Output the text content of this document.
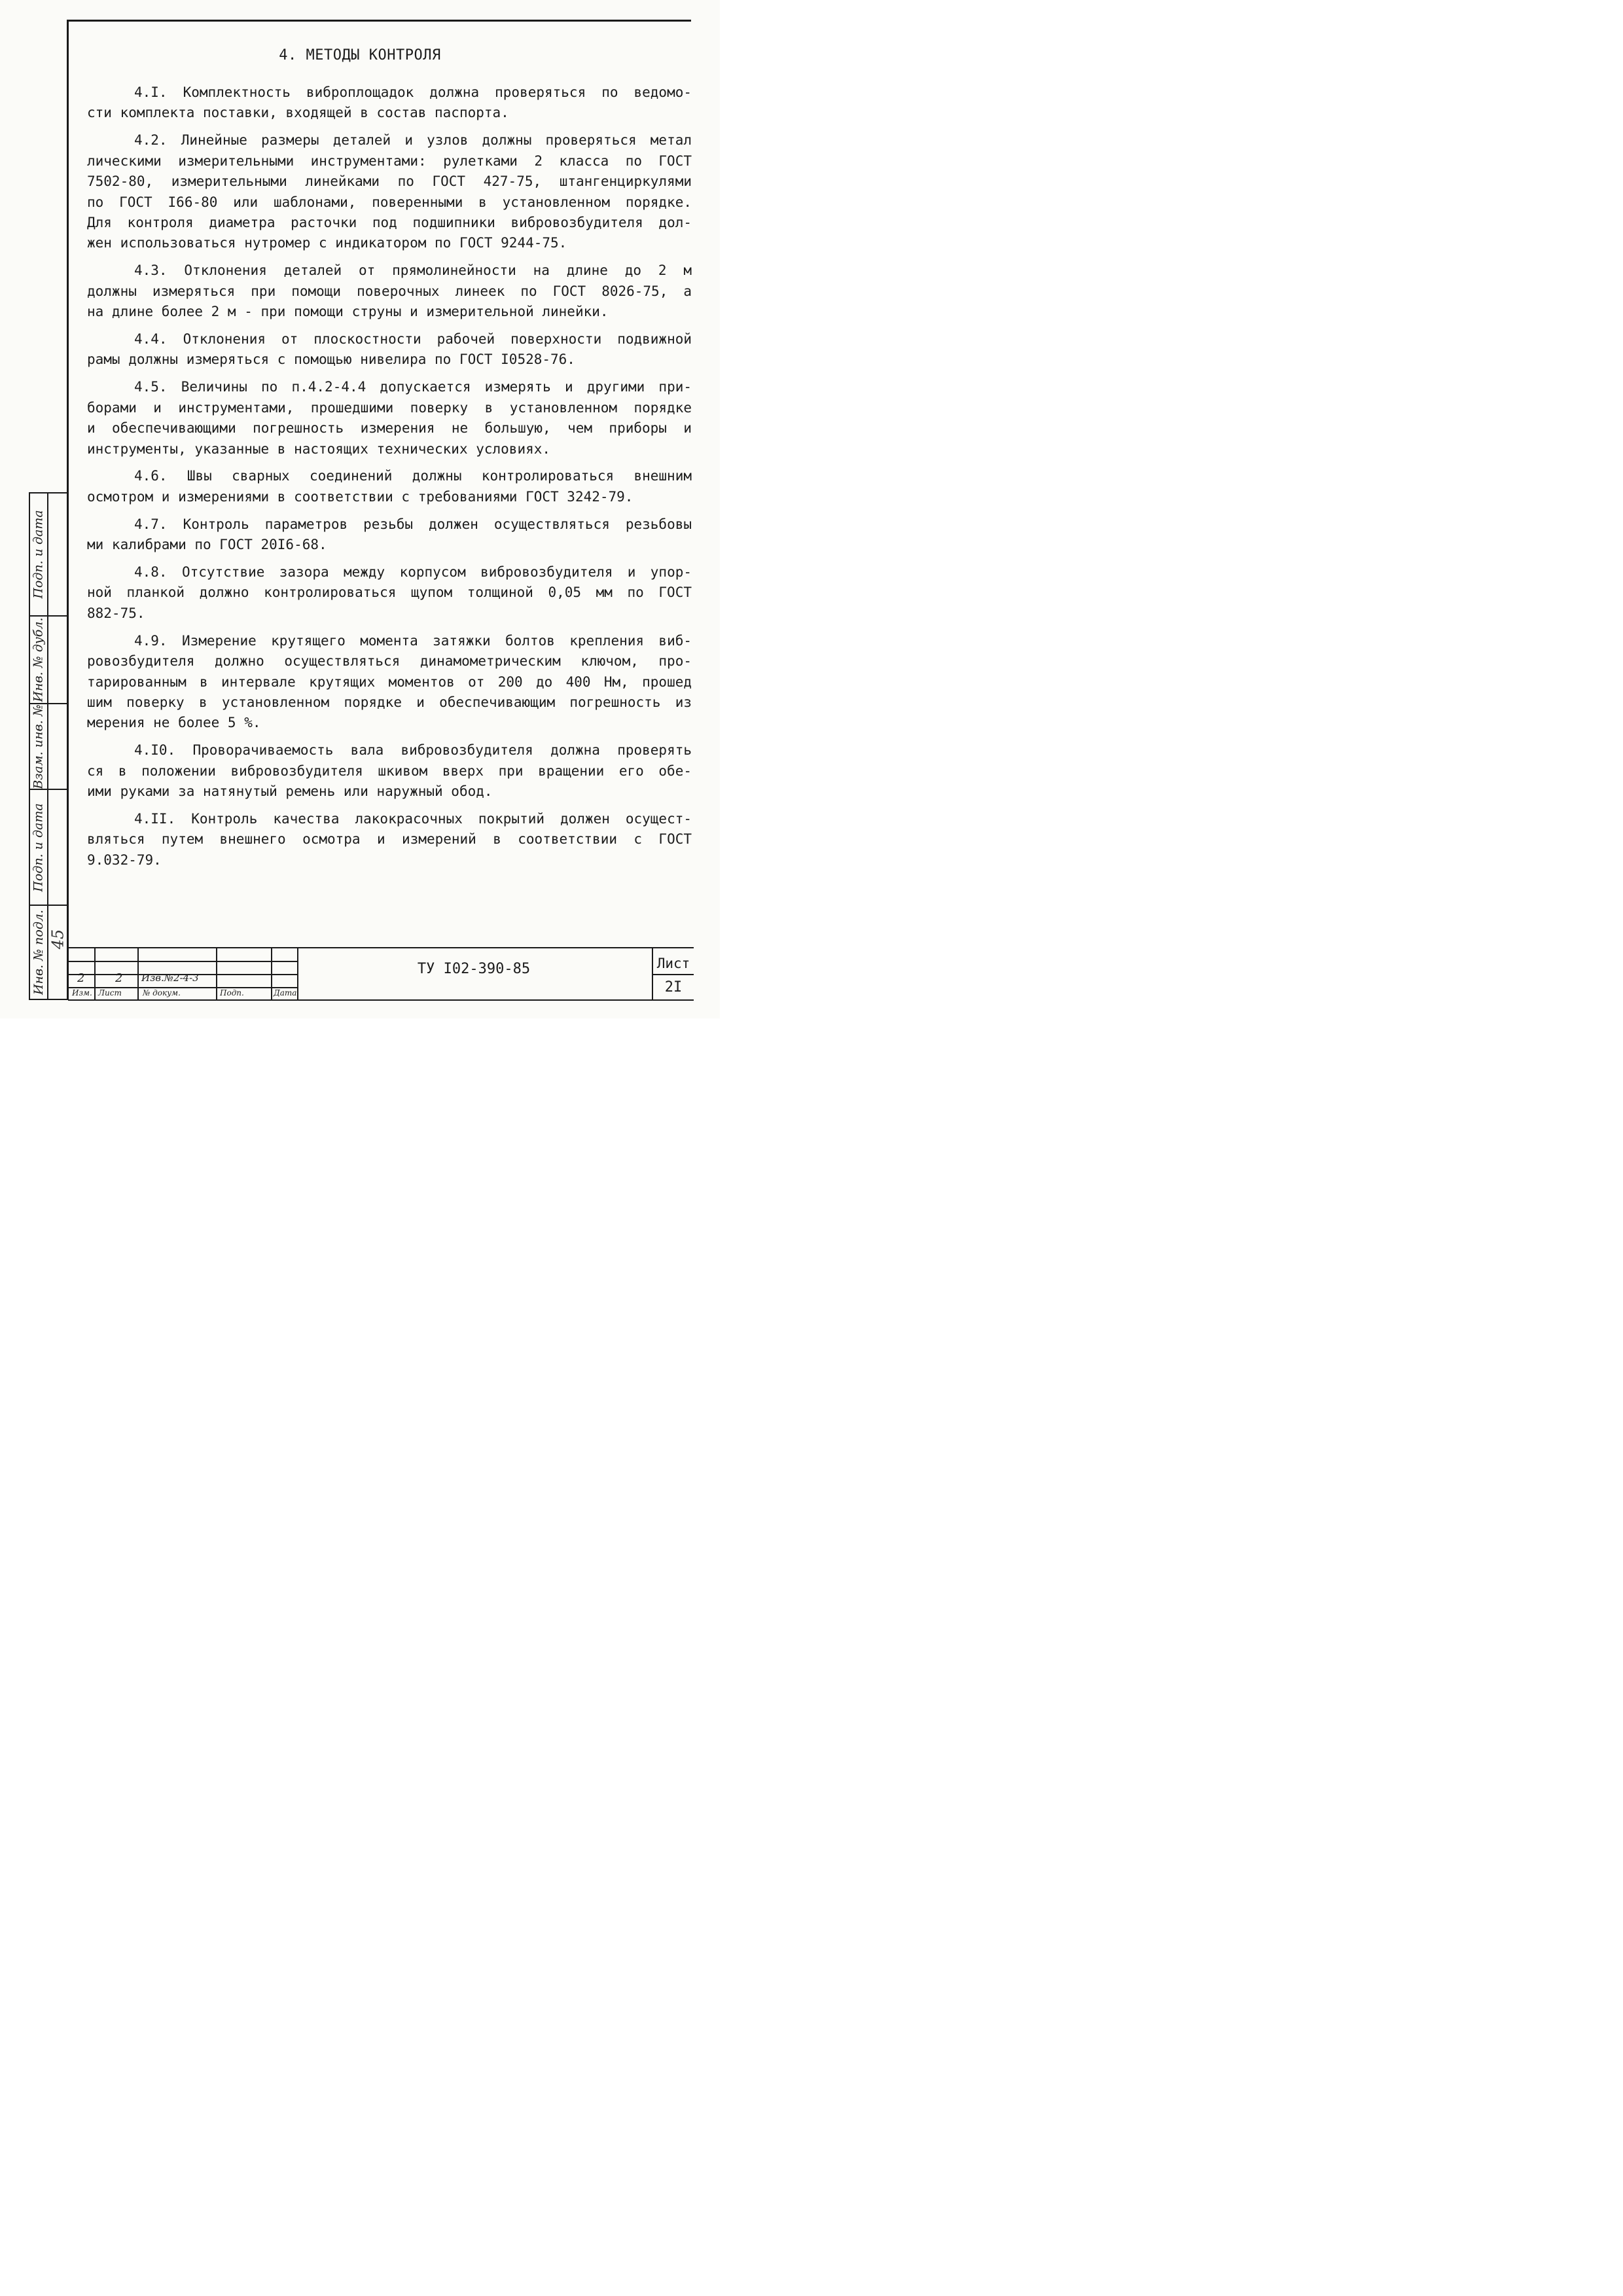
4. МЕТОДЫ КОНТРОЛЯ

4.I. Комплектность виброплощадок должна проверяться по ведомо-
сти комплекта поставки, входящей в состав паспорта.

4.2. Линейные размеры деталей и узлов должны проверяться метал
лическими измерительными инструментами: рулетками 2 класса по ГОСТ
7502-80, измерительными линейками по ГОСТ 427-75, штангенциркулями
по ГОСТ I66-80 или шаблонами, поверенными в установленном порядке.
Для контроля диаметра расточки под подшипники вибровозбудителя дол-
жен использоваться нутромер с индикатором по ГОСТ 9244-75.

4.3. Отклонения деталей от прямолинейности на длине до 2 м
должны измеряться при помощи поверочных линеек по ГОСТ 8026-75, а
на длине более 2 м - при помощи струны и измерительной линейки.

4.4. Отклонения от плоскостности рабочей поверхности подвижной
рамы должны измеряться с помощью нивелира по ГОСТ I0528-76.

4.5. Величины по п.4.2-4.4 допускается измерять и другими при-
борами и инструментами, прошедшими поверку в установленном порядке
и обеспечивающими погрешность измерения не большую, чем приборы и
инструменты, указанные в настоящих технических условиях.

4.6. Швы сварных соединений должны контролироваться внешним
осмотром и измерениями в соответствии с требованиями ГОСТ 3242-79.

4.7. Контроль параметров резьбы должен осуществляться резьбовы
ми калибрами по ГОСТ 20I6-68.

4.8. Отсутствие зазора между корпусом вибровозбудителя и упор-
ной планкой должно контролироваться щупом толщиной 0,05 мм по ГОСТ
882-75.

4.9. Измерение крутящего момента затяжки болтов крепления виб-
ровозбудителя должно осуществляться динамометрическим ключом, про-
тарированным в интервале крутящих моментов от 200 до 400 Нм, прошед
шим поверку в установленном порядке и обеспечивающим погрешность из
мерения не более 5 %.

4.I0. Проворачиваемость вала вибровозбудителя должна проверять
ся в положении вибровозбудителя шкивом вверх при вращении его обе-
ими руками за натянутый ремень или наружный обод.

4.II. Контроль качества лакокрасочных покрытий должен осущест-
вляться путем внешнего осмотра и измерений в соответствии с ГОСТ
9.032-79.

Подп. и дата
Инв. № дубл.
Взам. инв. №
Подп. и дата
Инв. № подл. 45
2	2 Изв.№2-4-3
Изм. Лист	№ докум.	Подп.	Дата
ТУ I02-390-85	Лист
2I
